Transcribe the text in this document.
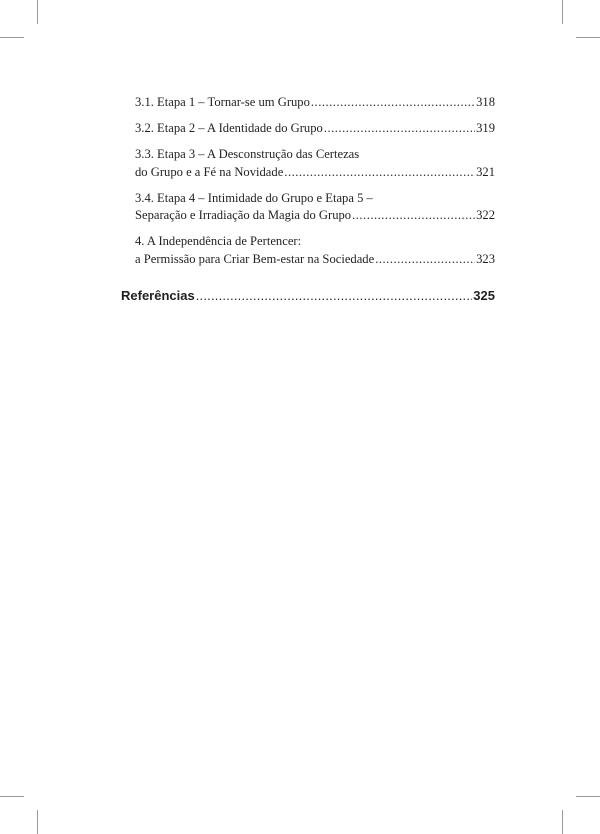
3.1. Etapa 1 – Tornar-se um Grupo .....	318
3.2. Etapa 2 – A Identidade do Grupo .....	319
3.3. Etapa 3 – A Desconstrução das Certezas
do Grupo e a Fé na Novidade .....	321
3.4. Etapa 4 – Intimidade do Grupo e Etapa 5 –
Separação e Irradiação da Magia do Grupo .....	322
4. A Independência de Pertencer:
a Permissão para Criar Bem-estar na Sociedade .....	323
Referências .....	325
